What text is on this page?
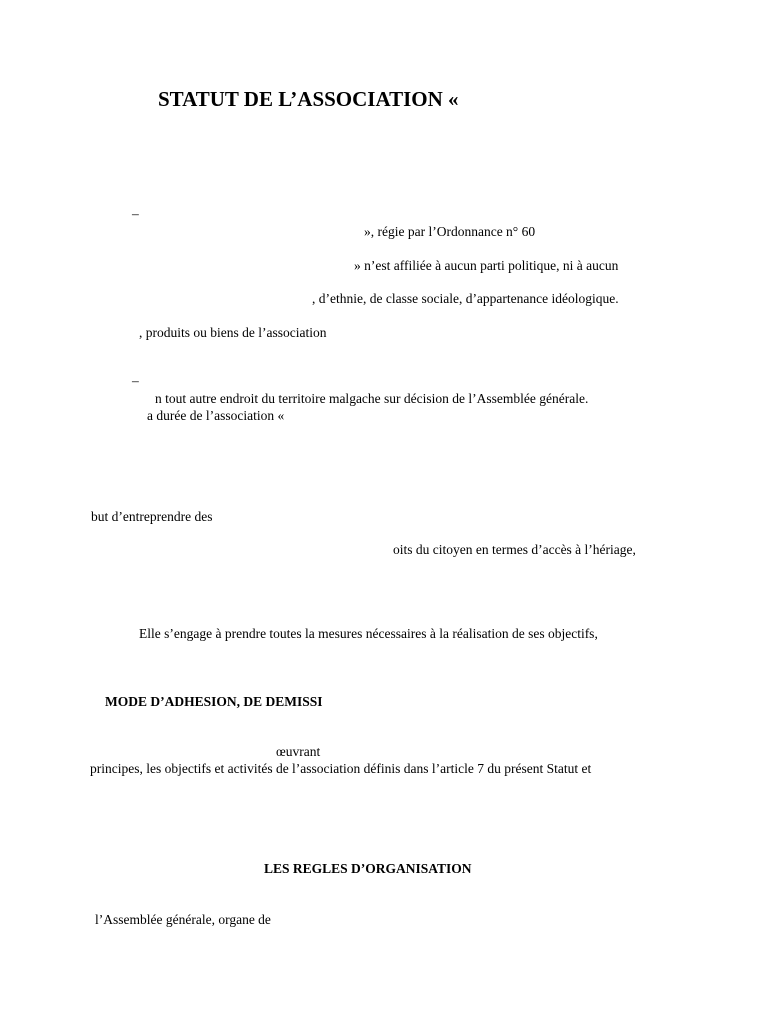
STATUT DE L’ASSOCIATION «
–
», régie par l’Ordonnance n° 60
» n’est affiliée à aucun parti politique, ni à aucun
, d’ethnie, de classe sociale, d’appartenance idéologique.
, produits ou biens de l’association
–
n tout autre endroit du territoire malgache sur décision de l’Assemblée générale.
a durée de l’association «
but d’entreprendre des
oits du citoyen en termes d’accès à l’hériage,
Elle s’engage à prendre toutes la mesures nécessaires à la réalisation de ses objectifs,
MODE D’ADHESION, DE DEMISSI
œuvrant
principes, les objectifs et activités de l’association définis dans l’article 7 du présent Statut et
LES REGLES D’ORGANISATION
l’Assemblée générale, organe de
